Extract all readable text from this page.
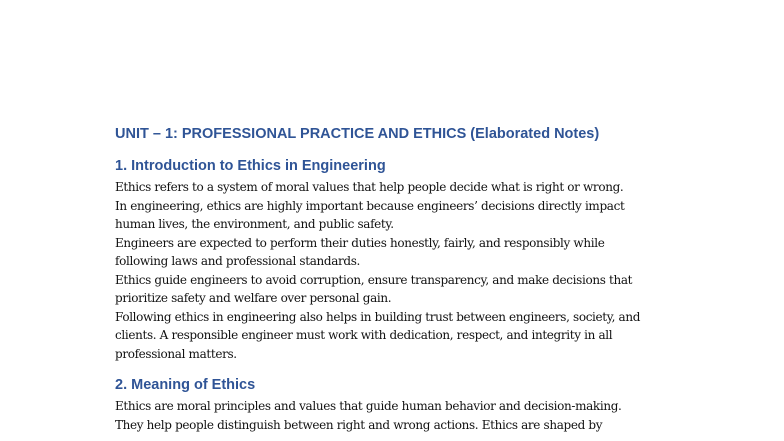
UNIT – 1: PROFESSIONAL PRACTICE AND ETHICS (Elaborated Notes)
1. Introduction to Ethics in Engineering

Ethics refers to a system of moral values that help people decide what is right or wrong.

In engineering, ethics are highly important because engineers’ decisions directly impact
human lives, the environment, and public safety.

Engineers are expected to perform their duties honestly, fairly, and responsibly while
following laws and professional standards.

Ethics guide engineers to avoid corruption, ensure transparency, and make decisions that
prioritize safety and welfare over personal gain.

Following ethics in engineering also helps in building trust between engineers, society, and
clients. A responsible engineer must work with dedication, respect, and integrity in all
professional matters.

2. Meaning of Ethics

Ethics are moral principles and values that guide human behavior and decision-making.

They help people distinguish between right and wrong actions. Ethics are shaped by
